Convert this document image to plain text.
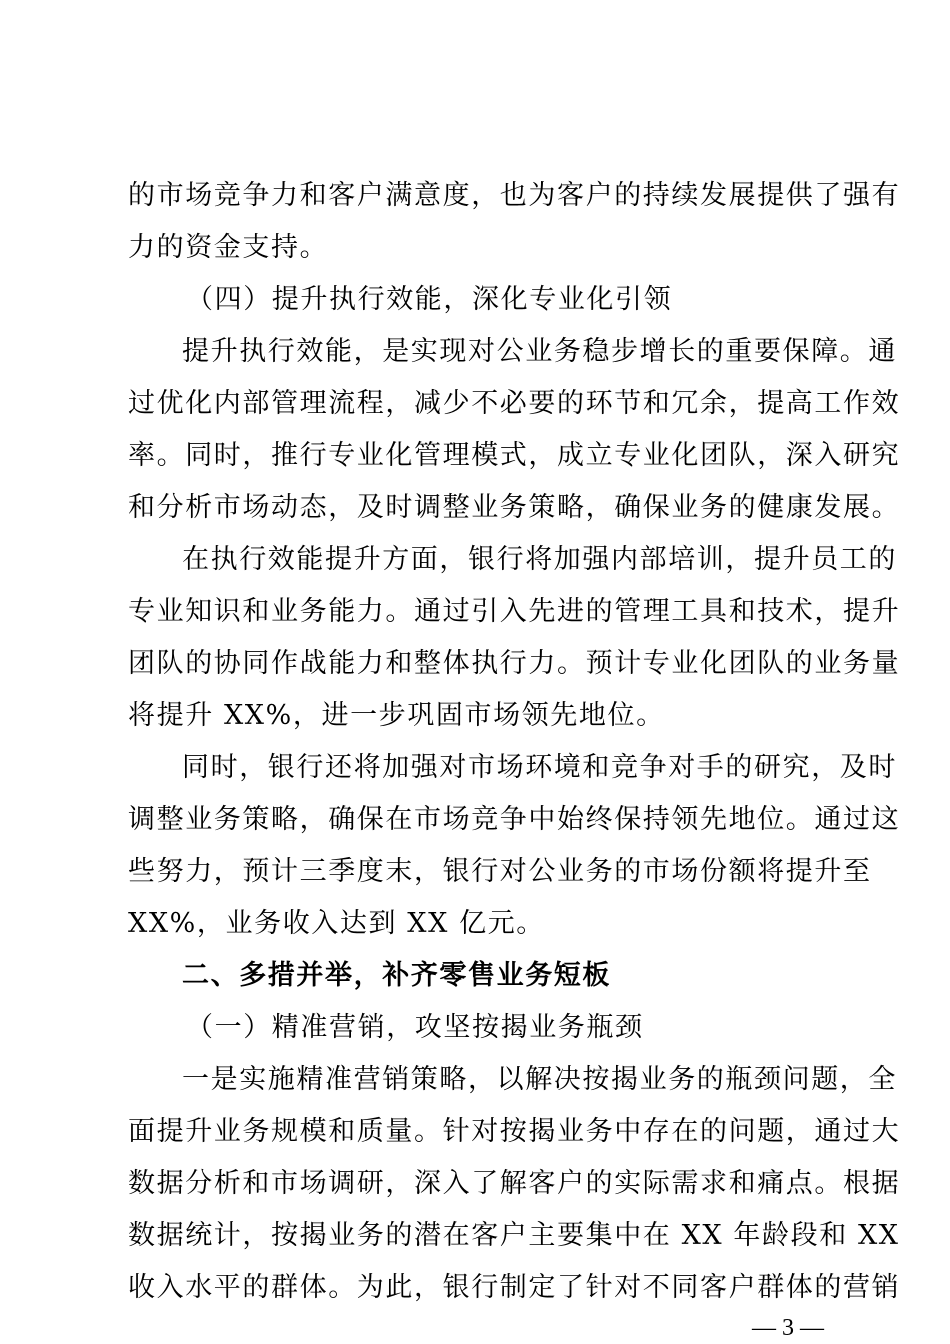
的市场竞争力和客户满意度，也为客户的持续发展提供了强有
力的资金支持。
（四）提升执行效能，深化专业化引领
提升执行效能，是实现对公业务稳步增长的重要保障。通
过优化内部管理流程，减少不必要的环节和冗余，提高工作效
率。同时，推行专业化管理模式，成立专业化团队，深入研究
和分析市场动态，及时调整业务策略，确保业务的健康发展。
在执行效能提升方面，银行将加强内部培训，提升员工的
专业知识和业务能力。通过引入先进的管理工具和技术，提升
团队的协同作战能力和整体执行力。预计专业化团队的业务量
将提升 XX%，进一步巩固市场领先地位。
同时，银行还将加强对市场环境和竞争对手的研究，及时
调整业务策略，确保在市场竞争中始终保持领先地位。通过这
些努力，预计三季度末，银行对公业务的市场份额将提升至
XX%，业务收入达到 XX 亿元。
二、多措并举，补齐零售业务短板
（一）精准营销，攻坚按揭业务瓶颈
一是实施精准营销策略，以解决按揭业务的瓶颈问题，全
面提升业务规模和质量。针对按揭业务中存在的问题，通过大
数据分析和市场调研，深入了解客户的实际需求和痛点。根据
数据统计，按揭业务的潜在客户主要集中在 XX 年龄段和 XX
收入水平的群体。为此，银行制定了针对不同客户群体的营销
— 3 —
